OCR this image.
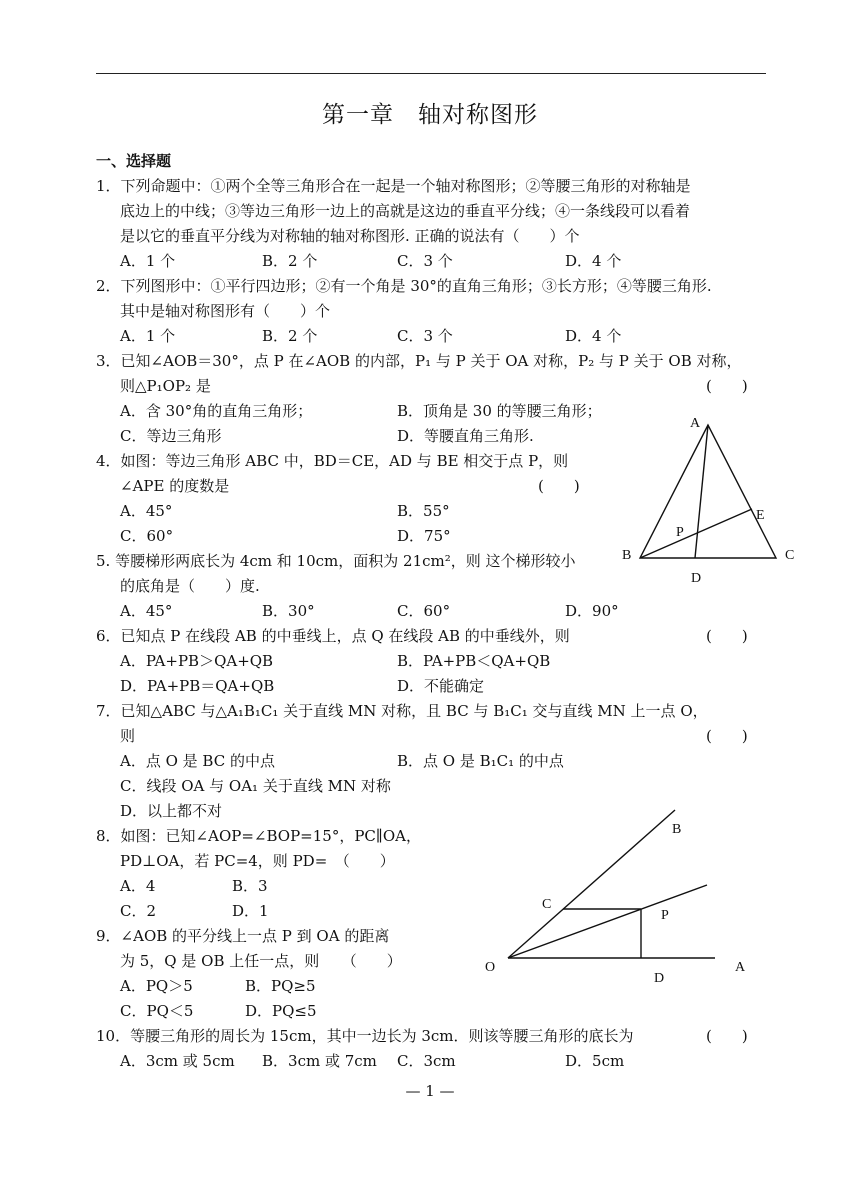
第一章　轴对称图形
一、选择题
1．下列命题中：①两个全等三角形合在一起是一个轴对称图形；②等腰三角形的对称轴是
底边上的中线；③等边三角形一边上的高就是这边的垂直平分线；④一条线段可以看着
是以它的垂直平分线为对称轴的轴对称图形. 正确的说法有（　　）个
A．1 个	B．2 个	C．3 个	D．4 个
2．下列图形中：①平行四边形；②有一个角是 30°的直角三角形；③长方形；④等腰三角形.
其中是轴对称图形有（　　）个
A．1 个	B．2 个	C．3 个	D．4 个
3．已知∠AOB＝30°，点 P 在∠AOB 的内部，P₁ 与 P 关于 OA 对称，P₂ 与 P 关于 OB 对称，
则△P₁OP₂ 是	(　　)
A．含 30°角的直角三角形；	B．顶角是 30 的等腰三角形；
C．等边三角形	D．等腰直角三角形.
4．如图：等边三角形 ABC 中，BD＝CE，AD 与 BE 相交于点 P，则
∠APE 的度数是	(　　)
A．45°	B．55°
C．60°	D．75°
5. 等腰梯形两底长为 4cm 和 10cm，面积为 21cm²，则 这个梯形较小
的底角是（　　）度.
A．45°	B．30°	C．60°	D．90°
6．已知点 P 在线段 AB 的中垂线上，点 Q 在线段 AB 的中垂线外，则	(　　)
A．PA+PB＞QA+QB	B．PA+PB＜QA+QB
D．PA+PB＝QA+QB	D．不能确定
7．已知△ABC 与△A₁B₁C₁ 关于直线 MN 对称，且 BC 与 B₁C₁ 交与直线 MN 上一点 O，
则	(　　)
A．点 O 是 BC 的中点	B．点 O 是 B₁C₁ 的中点
C．线段 OA 与 OA₁ 关于直线 MN 对称
D．以上都不对
8．如图：已知∠AOP=∠BOP=15°，PC∥OA，
PD⊥OA，若 PC=4，则 PD=　（　　）
A．4	B．3
C．2	D．1
9．∠AOB 的平分线上一点 P 到 OA 的距离
为 5，Q 是 OB 上任一点，则　　（　　）
A．PQ＞5	B．PQ≥5
C．PQ＜5	D．PQ≤5
10．等腰三角形的周长为 15cm，其中一边长为 3cm．则该等腰三角形的底长为	(　　)
A．3cm 或 5cm B．3cm 或 7cm C．3cm	D．5cm
— 1 —
A
B	C
D
E
P
O	A
B
C
P
D
